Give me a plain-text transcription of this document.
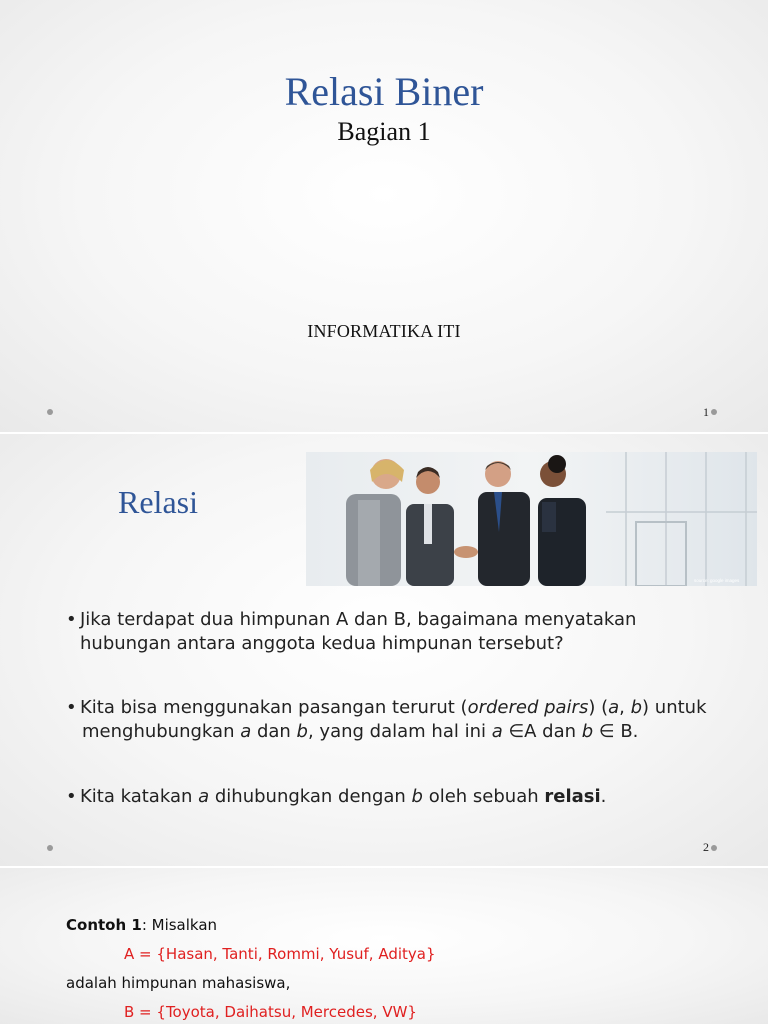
Relasi Biner
Bagian 1
INFORMATIKA ITI
1
Relasi
source: google images
• Jika terdapat dua himpunan A dan B, bagaimana menyatakan
hubungan antara anggota kedua himpunan tersebut?
• Kita bisa menggunakan pasangan terurut (ordered pairs) (a, b) untuk
menghubungkan a dan b, yang dalam hal ini a ∈A dan b ∈ B.
• Kita katakan a dihubungkan dengan b oleh sebuah relasi.
2
Contoh 1: Misalkan
A = {Hasan, Tanti, Rommi, Yusuf, Aditya}
adalah himpunan mahasiswa,
B = {Toyota, Daihatsu, Mercedes, VW}
